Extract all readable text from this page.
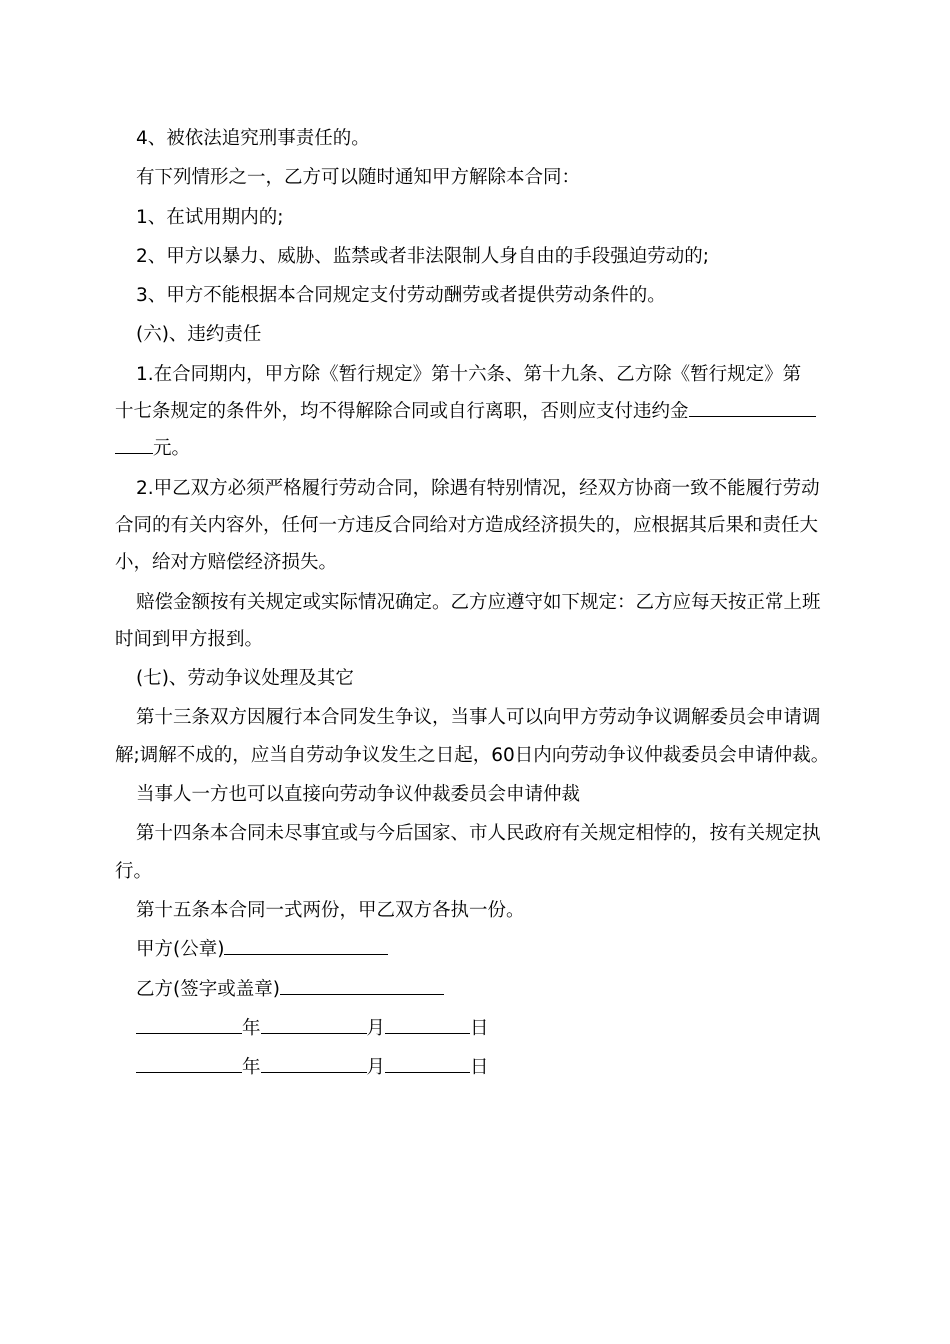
4、被依法追究刑事责任的。

有下列情形之一，乙方可以随时通知甲方解除本合同：

1、在试用期内的;

2、甲方以暴力、威胁、监禁或者非法限制人身自由的手段强迫劳动的;

3、甲方不能根据本合同规定支付劳动酬劳或者提供劳动条件的。

(六)、违约责任

1.在合同期内，甲方除《暂行规定》第十六条、第十九条、乙方除《暂行规定》第
十七条规定的条件外，均不得解除合同或自行离职，否则应支付违约金
元。

2.甲乙双方必须严格履行劳动合同，除遇有特别情况，经双方协商一致不能履行劳动合同的有关内容外，任何一方违反合同给对方造成经济损失的，应根据其后果和责任大小，给对方赔偿经济损失。

赔偿金额按有关规定或实际情况确定。乙方应遵守如下规定：乙方应每天按正常上班时间到甲方报到。

(七)、劳动争议处理及其它

第十三条双方因履行本合同发生争议，当事人可以向甲方劳动争议调解委员会申请调解;调解不成的，应当自劳动争议发生之日起，60日内向劳动争议仲裁委员会申请仲裁。

当事人一方也可以直接向劳动争议仲裁委员会申请仲裁

第十四条本合同未尽事宜或与今后国家、市人民政府有关规定相悖的，按有关规定执行。

第十五条本合同一式两份，甲乙双方各执一份。

甲方(公章)

乙方(签字或盖章)

年	月	日

年	月	日
